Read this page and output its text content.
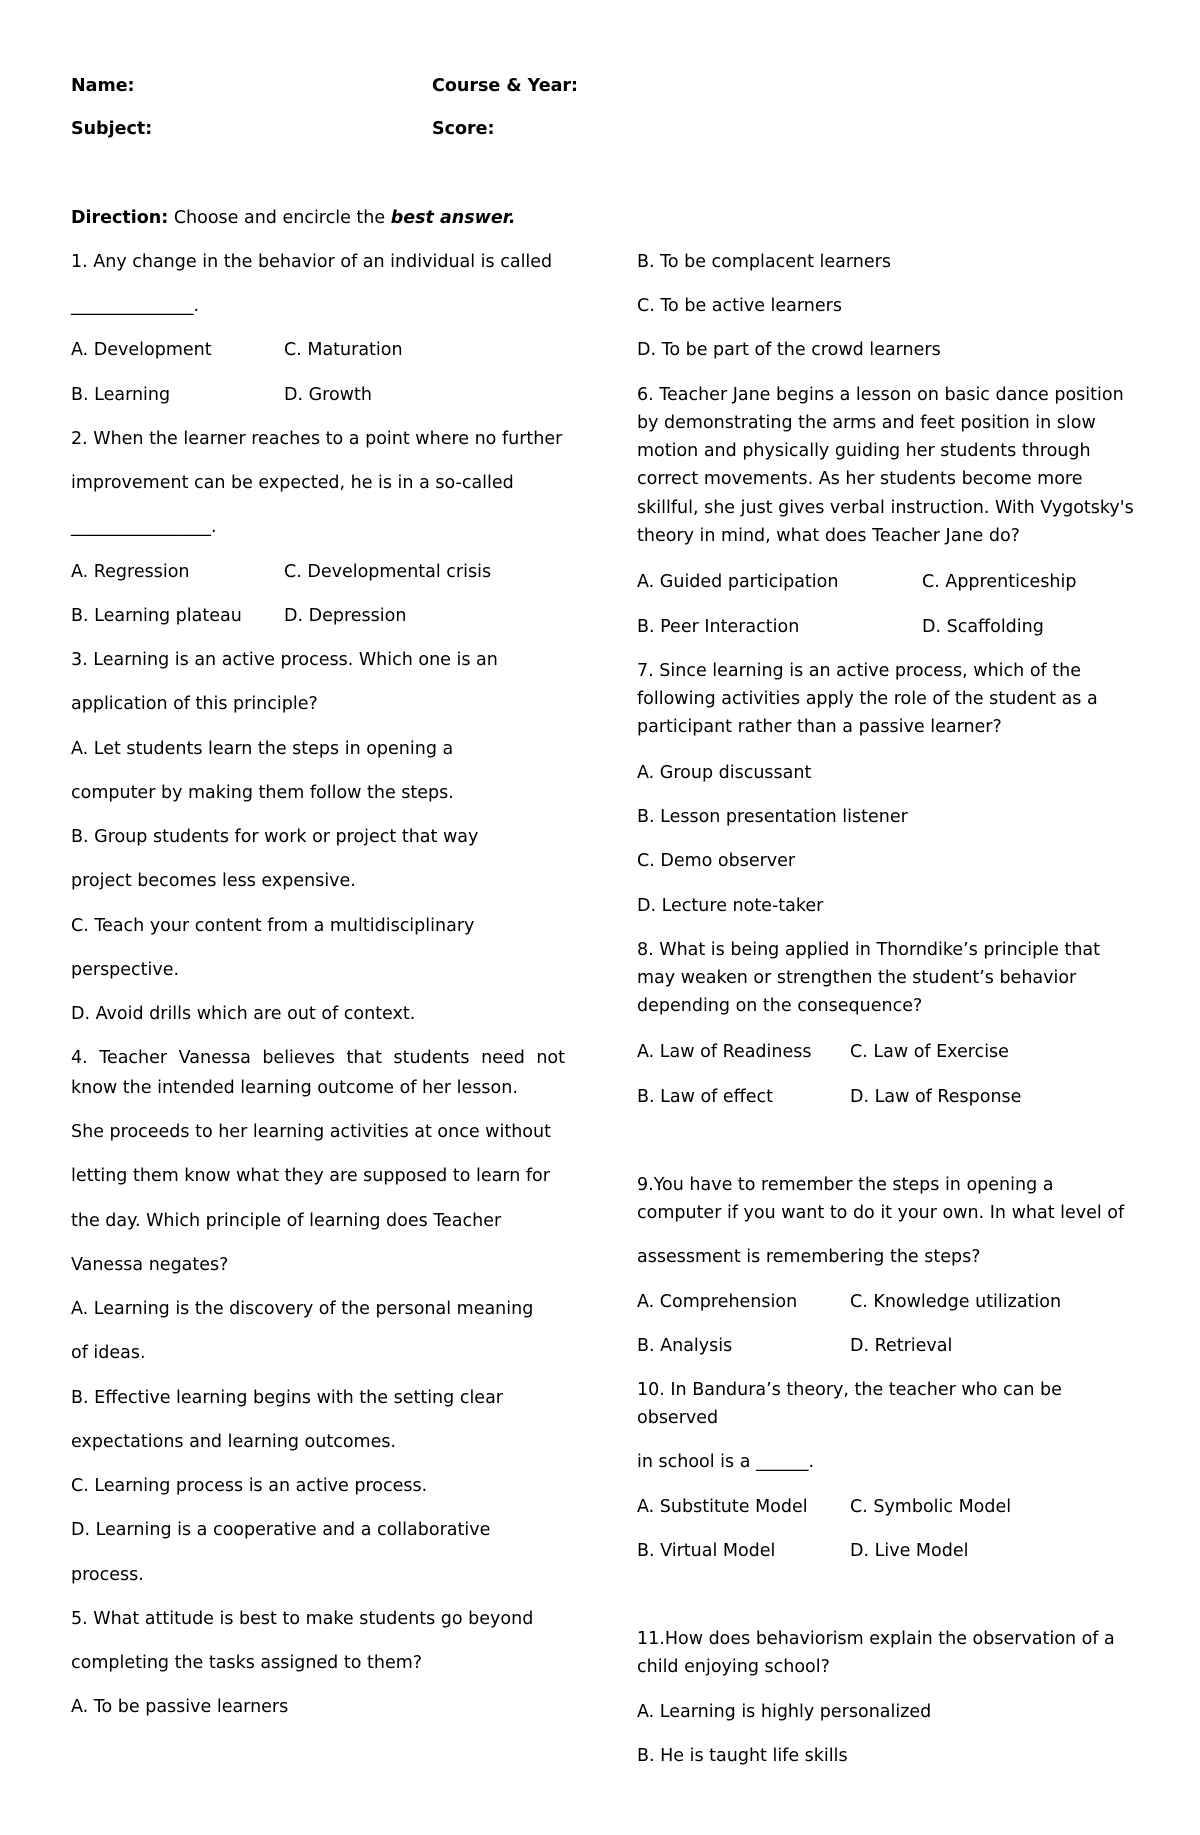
Name:	Course & Year:
Subject:	Score:
Direction: Choose and encircle the best answer.
1. Any change in the behavior of an individual is called
______________.
A. Development	C. Maturation
B. Learning	D. Growth
2. When the learner reaches to a point where no further
improvement can be expected, he is in a so-called
________________.
A. Regression	C. Developmental crisis
B. Learning plateau D. Depression
3. Learning is an active process. Which one is an
application of this principle?
A. Let students learn the steps in opening a
computer by making them follow the steps.
B. Group students for work or project that way
project becomes less expensive.
C. Teach your content from a multidisciplinary
perspective.
D. Avoid drills which are out of context.
4. Teacher Vanessa believes that students need not
know the intended learning outcome of her lesson.
She proceeds to her learning activities at once without
letting them know what they are supposed to learn for
the day. Which principle of learning does Teacher
Vanessa negates?
A. Learning is the discovery of the personal meaning
of ideas.
B. Effective learning begins with the setting clear
expectations and learning outcomes.
C. Learning process is an active process.
D. Learning is a cooperative and a collaborative
process.
5. What attitude is best to make students go beyond
completing the tasks assigned to them?
A. To be passive learners
B. To be complacent learners
C. To be active learners
D. To be part of the crowd learners
6. Teacher Jane begins a lesson on basic dance position
by demonstrating the arms and feet position in slow
motion and physically guiding her students through
correct movements. As her students become more
skillful, she just gives verbal instruction. With Vygotsky's
theory in mind, what does Teacher Jane do?
A. Guided participation	C. Apprenticeship
B. Peer Interaction	D. Scaffolding
7. Since learning is an active process, which of the
following activities apply the role of the student as a
participant rather than a passive learner?
A. Group discussant
B. Lesson presentation listener
C. Demo observer
D. Lecture note-taker
8. What is being applied in Thorndike’s principle that
may weaken or strengthen the student’s behavior
depending on the consequence?
A. Law of Readiness C. Law of Exercise
B. Law of effect	D. Law of Response
9.You have to remember the steps in opening a
computer if you want to do it your own. In what level of
assessment is remembering the steps?
A. Comprehension	C. Knowledge utilization
B. Analysis	D. Retrieval
10. In Bandura’s theory, the teacher who can be
observed
in school is a ______.
A. Substitute Model C. Symbolic Model
B. Virtual Model	D. Live Model
11.How does behaviorism explain the observation of a
child enjoying school?
A. Learning is highly personalized
B. He is taught life skills
